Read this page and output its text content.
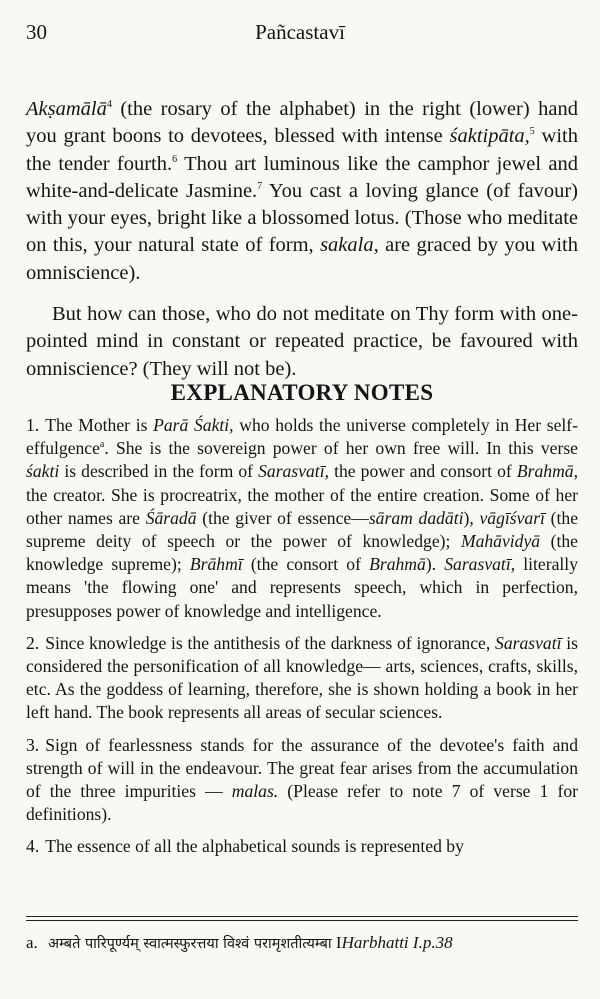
30	Pañcastavī

Akṣamālā$^4$ (the rosary of the alphabet) in the right (lower) hand you grant boons to devotees, blessed with intense śaktipāta,$^5$ with the tender fourth.$^6$ Thou art luminous like the camphor jewel and white-and-delicate Jasmine.$^7$ You cast a loving glance (of favour) with your eyes, bright like a blossomed lotus. (Those who meditate on this, your natural state of form, sakala, are graced by you with omniscience).

But how can those, who do not meditate on Thy form with one-pointed mind in constant or repeated practice, be favoured with omniscience? (They will not be).

EXPLANATORY NOTES

1. The Mother is Parā Śakti, who holds the universe completely in Her self-effulgence$^a$. She is the sovereign power of her own free will. In this verse śakti is described in the form of Sarasvatī, the power and consort of Brahmā, the creator. She is procreatrix, the mother of the entire creation. Some of her other names are Śāradā (the giver of essence—sāram dadāti), vāgīśvarī (the supreme deity of speech or the power of knowledge); Mahāvidyā (the knowledge supreme); Brāhmī (the consort of Brahmā). Sarasvatī, literally means 'the flowing one' and represents speech, which in perfection, presupposes power of knowledge and intelligence.

2. Since knowledge is the antithesis of the darkness of ignorance, Sarasvatī is considered the personification of all knowledge— arts, sciences, crafts, skills, etc. As the goddess of learning, therefore, she is shown holding a book in her left hand. The book represents all areas of secular sciences.

3. Sign of fearlessness stands for the assurance of the devotee's faith and strength of will in the endeavour. The great fear arises from the accumulation of the three impurities — malas. (Please refer to note 7 of verse 1 for definitions).

4. The essence of all the alphabetical sounds is represented by

a. अम्बते पारिपूर्ण्यम् स्वात्मस्फुरत्तया विश्वं परामृशतीत्यम्बा IHarbhatti I.p.38
